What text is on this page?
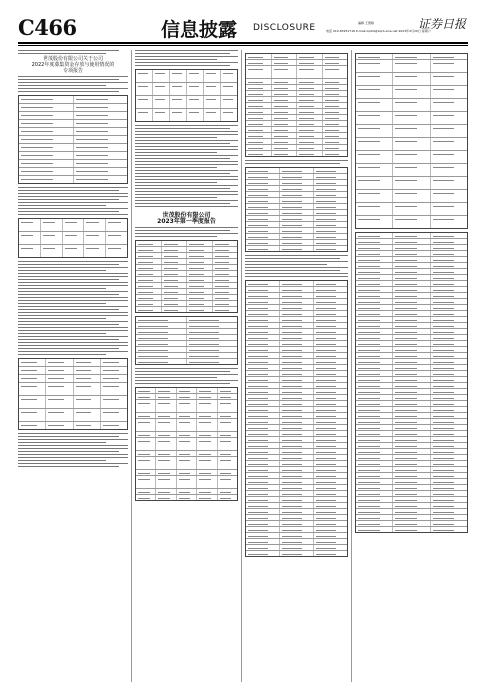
C466	信息披露 DISCLOSURE	编辑 王惠敏
电话 010-83251716 E-mail:zqrb9@zqrb.sina.net 2023年4月29日 星期六
证券日报
世茂股份有限公司关于公司
2022年度募集资金存放与使用情况的
专项报告
世茂股份有限公司
2023年第一季度报告
